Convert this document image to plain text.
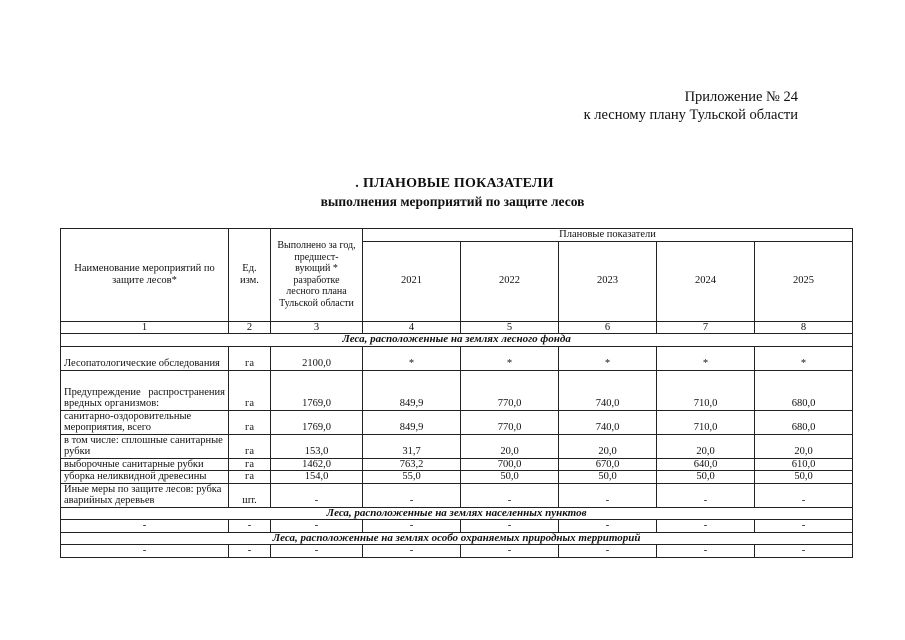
Приложение № 24
к лесному плану Тульской области
. ПЛАНОВЫЕ ПОКАЗАТЕЛИ
выполнения мероприятий по защите лесов
Наименование мероприятий по защите лесов*	Ед. изм.	Выполнено за год, предшест- вующий * разработке лесного плана Тульской области	Плановые показатели				
			2021	2022	2023	2024	2025
1	2	3	4	5	6	7	8
Леса, расположенные на землях лесного фонда							
Лесопатологические обследования	га	2100,0	*	*	*	*	*
Предупреждение распространения вредных организмов:	га	1769,0	849,9	770,0	740,0	710,0	680,0
санитарно-оздоровительные мероприятия, всего	га	1769,0	849,9	770,0	740,0	710,0	680,0
в том числе: сплошные санитарные рубки	га	153,0	31,7	20,0	20,0	20,0	20,0
выборочные санитарные рубки	га	1462,0	763,2	700,0	670,0	640,0	610,0
уборка неликвидной древесины	га	154,0	55,0	50,0	50,0	50,0	50,0
Иные меры по защите лесов: рубка аварийных деревьев	шт.	-	-	-	-	-	-
Леса, расположенные на землях населенных пунктов							
-	-	-	-	-	-	-	-
Леса, расположенные на землях особо охраняемых природных территорий							
-	-	-	-	-	-	-	-
